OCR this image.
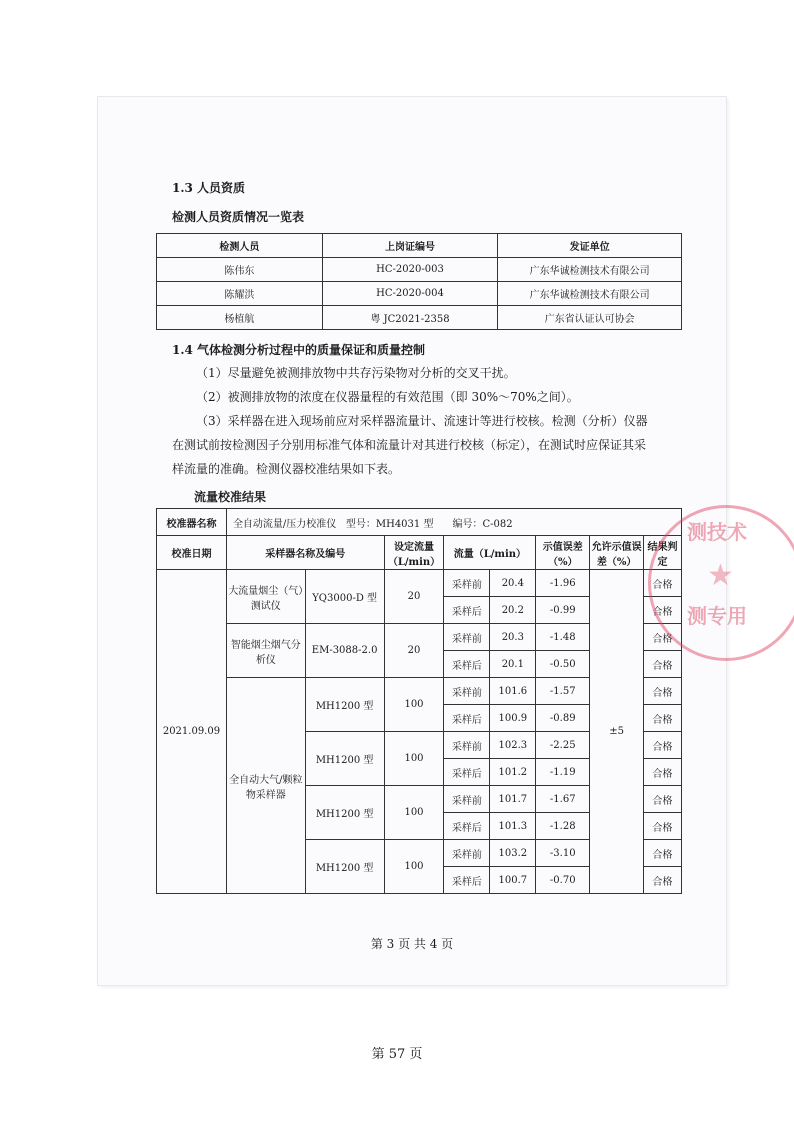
1.3 人员资质
检测人员资质情况一览表
检测人员	上岗证编号	发证单位
陈伟东	HC-2020-003	广东华诚检测技术有限公司
陈耀洪	HC-2020-004	广东华诚检测技术有限公司
杨植航	粤 JC2021-2358	广东省认证认可协会
1.4 气体检测分析过程中的质量保证和质量控制
（1）尽量避免被测排放物中共存污染物对分析的交叉干扰。
（2）被测排放物的浓度在仪器量程的有效范围（即 30%～70%之间）。
（3）采样器在进入现场前应对采样器流量计、流速计等进行校核。检测（分析）仪器
在测试前按检测因子分别用标准气体和流量计对其进行校核（标定），在测试时应保证其采
样流量的准确。检测仪器校准结果如下表。
流量校准结果
校准器名称	全自动流量/压力校准仪 型号：MH4031 型 编号：C-082							
校准日期	采样器名称及编号		设定流量（L/min）	流量（L/min）		示值误差（%）	允许示值误差（%）	结果判定
2021.09.09	大流量烟尘（气）测试仪	YQ3000-D 型	20	采样前	20.4	-1.96	±5	合格
				采样后	20.2	-0.99		合格
	智能烟尘烟气分析仪	EM-3088-2.0	20	采样前	20.3	-1.48		合格
				采样后	20.1	-0.50		合格
	全自动大气/颗粒物采样器	MH1200 型	100	采样前	101.6	-1.57		合格
				采样后	100.9	-0.89		合格
		MH1200 型	100	采样前	102.3	-2.25		合格
				采样后	101.2	-1.19		合格
		MH1200 型	100	采样前	101.7	-1.67		合格
				采样后	101.3	-1.28		合格
		MH1200 型	100	采样前	103.2	-3.10		合格
				采样后	100.7	-0.70		合格
第 3 页 共 4 页
测技术
★
测专用
第 57 页
